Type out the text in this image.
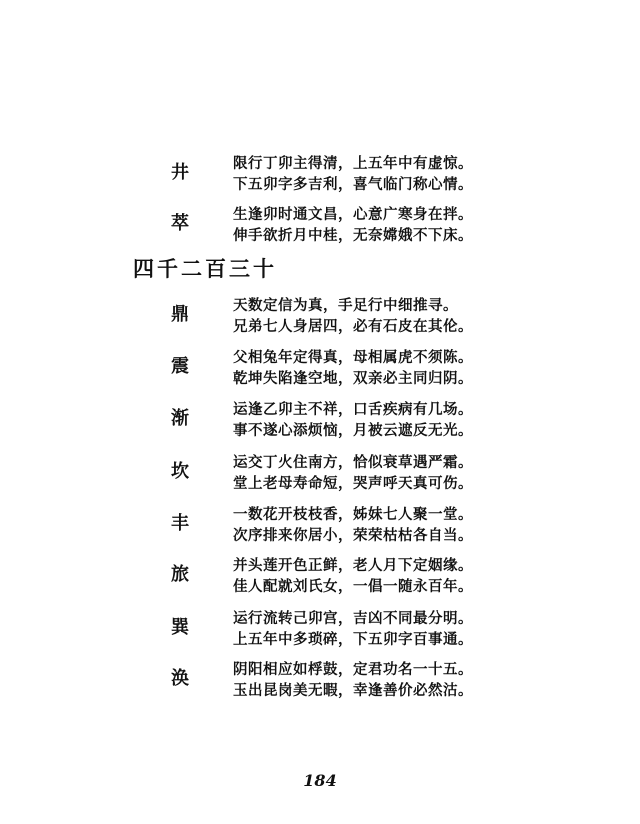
井	限行丁卯主得清，上五年中有虚惊。
下五卯字多吉利，喜气临门称心情。
萃	生逢卯时通文昌，心意广寒身在拌。
伸手欲折月中桂，无奈嫦娥不下床。
四千二百三十
鼎	天数定信为真，手足行中细推寻。
兄弟七人身居四，必有石皮在其伦。
震	父相兔年定得真，母相属虎不须陈。
乾坤失陷逢空地，双亲必主同归阴。
渐	运逢乙卯主不祥，口舌疾病有几场。
事不遂心添烦恼，月被云遮反无光。
坎	运交丁火住南方，恰似衰草遇严霜。
堂上老母寿命短，哭声呼天真可伤。
丰	一数花开枝枝香，姊妹七人聚一堂。
次序排来你居小，荣荣枯枯各自当。
旅	并头莲开色正鲜，老人月下定姻缘。
佳人配就刘氏女，一倡一随永百年。
巽	运行流转己卯宫，吉凶不同最分明。
上五年中多琐碎，下五卯字百事通。
涣	阴阳相应如桴鼓，定君功名一十五。
玉出昆岗美无暇，幸逢善价必然沽。
184
